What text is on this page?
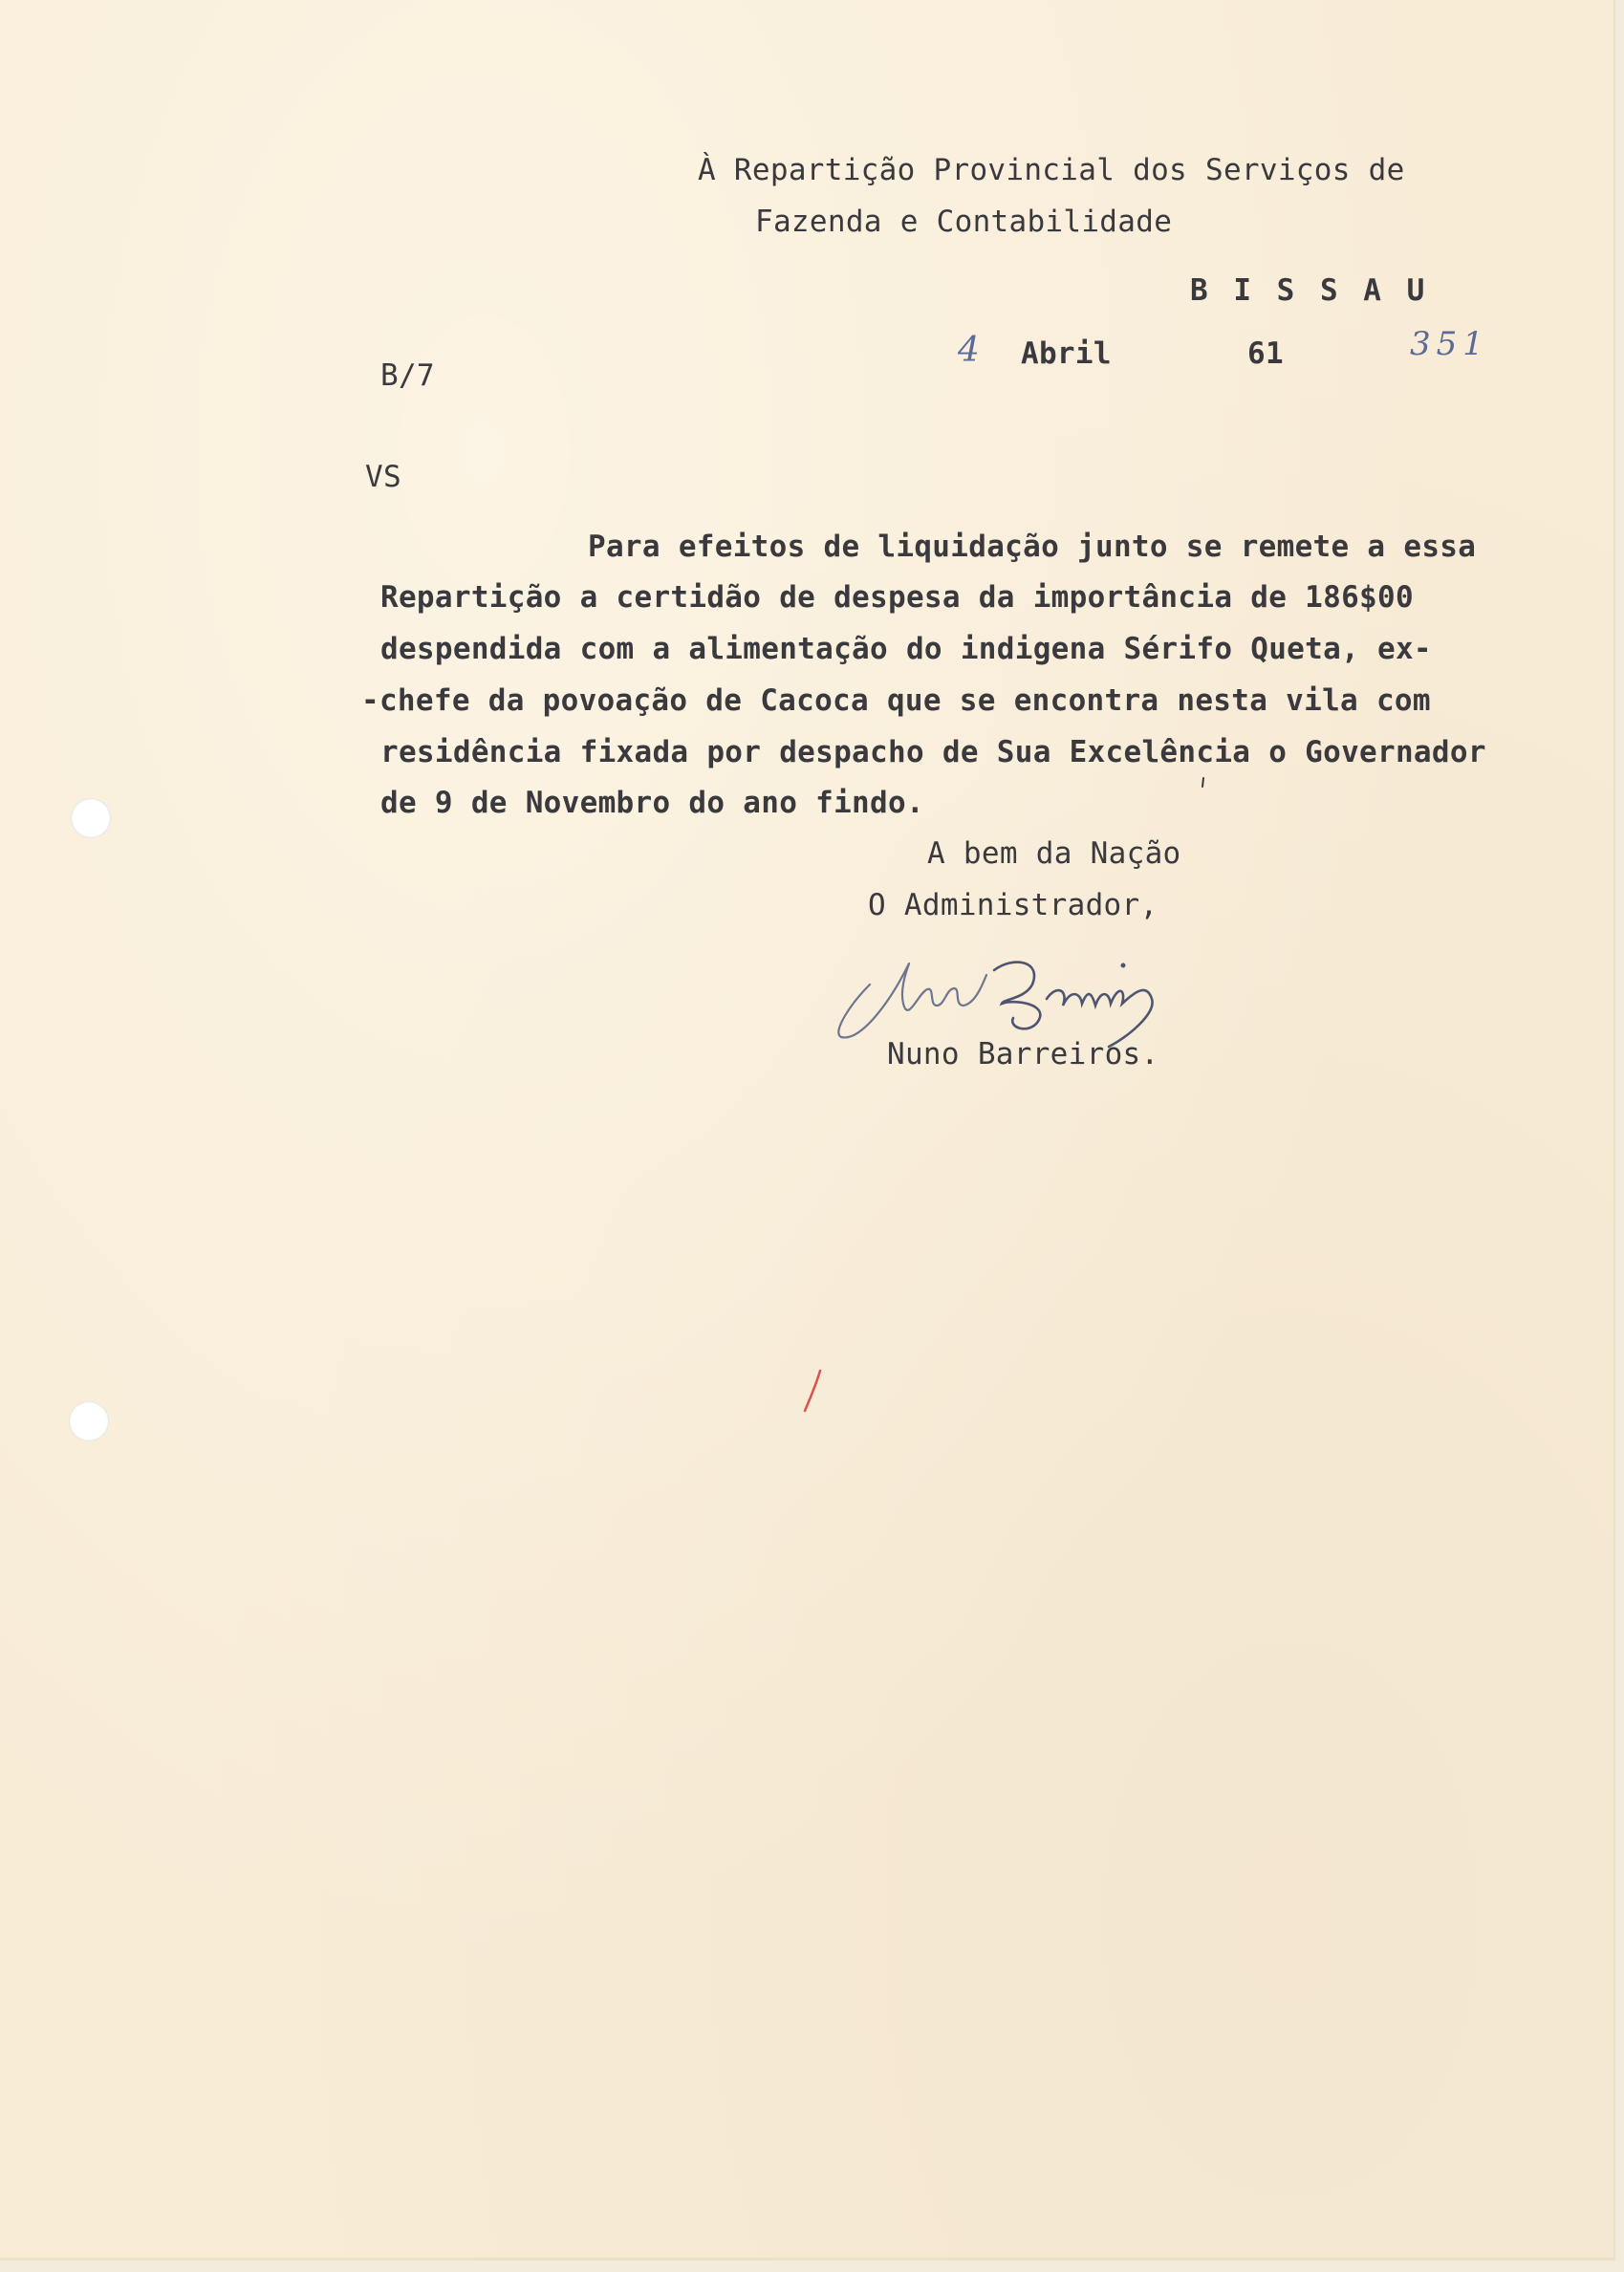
À Repartição Provincial dos Serviços de
Fazenda e Contabilidade
B I S S A U
4 Abril	61	351
B/7
VS
Para efeitos de liquidação junto se remete a essa
Repartição a certidão de despesa da importância de 186$00
despendida com a alimentação do indigena Sérifo Queta, ex-
-chefe da povoação de Cacoca que se encontra nesta vila com
residência fixada por despacho de Sua Excelência o Governador
de 9 de Novembro do ano findo.
A bem da Nação
O Administrador,
Nuno Barreiros.
